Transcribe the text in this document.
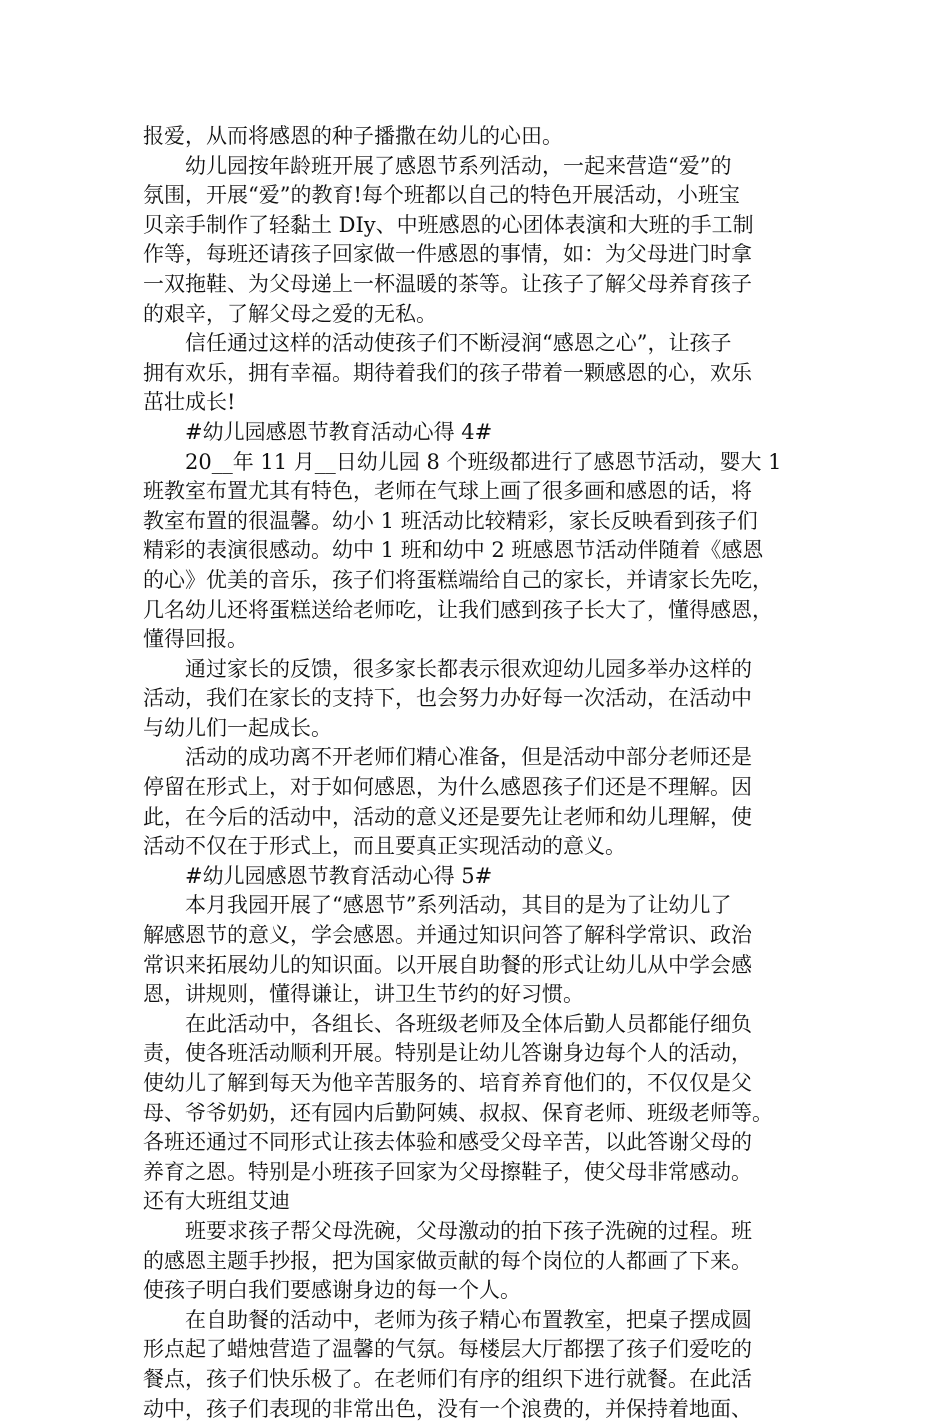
报爱，从而将感恩的种子播撒在幼儿的心田。
幼儿园按年龄班开展了感恩节系列活动，一起来营造“爱”的
氛围，开展“爱”的教育!每个班都以自己的特色开展活动，小班宝
贝亲手制作了轻黏土 DIy、中班感恩的心团体表演和大班的手工制
作等，每班还请孩子回家做一件感恩的事情，如：为父母进门时拿
一双拖鞋、为父母递上一杯温暖的茶等。让孩子了解父母养育孩子
的艰辛，了解父母之爱的无私。
信任通过这样的活动使孩子们不断浸润“感恩之心”，让孩子
拥有欢乐，拥有幸福。期待着我们的孩子带着一颗感恩的心，欢乐
茁壮成长!
#幼儿园感恩节教育活动心得 4#
20__年 11 月__日幼儿园 8 个班级都进行了感恩节活动，婴大 1
班教室布置尤其有特色，老师在气球上画了很多画和感恩的话，将
教室布置的很温馨。幼小 1 班活动比较精彩，家长反映看到孩子们
精彩的表演很感动。幼中 1 班和幼中 2 班感恩节活动伴随着《感恩
的心》优美的音乐，孩子们将蛋糕端给自己的家长，并请家长先吃，
几名幼儿还将蛋糕送给老师吃，让我们感到孩子长大了，懂得感恩，
懂得回报。
通过家长的反馈，很多家长都表示很欢迎幼儿园多举办这样的
活动，我们在家长的支持下，也会努力办好每一次活动，在活动中
与幼儿们一起成长。
活动的成功离不开老师们精心准备，但是活动中部分老师还是
停留在形式上，对于如何感恩，为什么感恩孩子们还是不理解。因
此，在今后的活动中，活动的意义还是要先让老师和幼儿理解，使
活动不仅在于形式上，而且要真正实现活动的意义。
#幼儿园感恩节教育活动心得 5#
本月我园开展了“感恩节”系列活动，其目的是为了让幼儿了
解感恩节的意义，学会感恩。并通过知识问答了解科学常识、政治
常识来拓展幼儿的知识面。以开展自助餐的形式让幼儿从中学会感
恩，讲规则，懂得谦让，讲卫生节约的好习惯。
在此活动中，各组长、各班级老师及全体后勤人员都能仔细负
责，使各班活动顺利开展。特别是让幼儿答谢身边每个人的活动，
使幼儿了解到每天为他辛苦服务的、培育养育他们的，不仅仅是父
母、爷爷奶奶，还有园内后勤阿姨、叔叔、保育老师、班级老师等。
各班还通过不同形式让孩去体验和感受父母辛苦，以此答谢父母的
养育之恩。特别是小班孩子回家为父母擦鞋子，使父母非常感动。
还有大班组艾迪
班要求孩子帮父母洗碗，父母激动的拍下孩子洗碗的过程。班
的感恩主题手抄报，把为国家做贡献的每个岗位的人都画了下来。
使孩子明白我们要感谢身边的每一个人。
在自助餐的活动中，老师为孩子精心布置教室，把桌子摆成圆
形点起了蜡烛营造了温馨的气氛。每楼层大厅都摆了孩子们爱吃的
餐点，孩子们快乐极了。在老师们有序的组织下进行就餐。在此活
动中，孩子们表现的非常出色，没有一个浪费的，并保持着地面、
